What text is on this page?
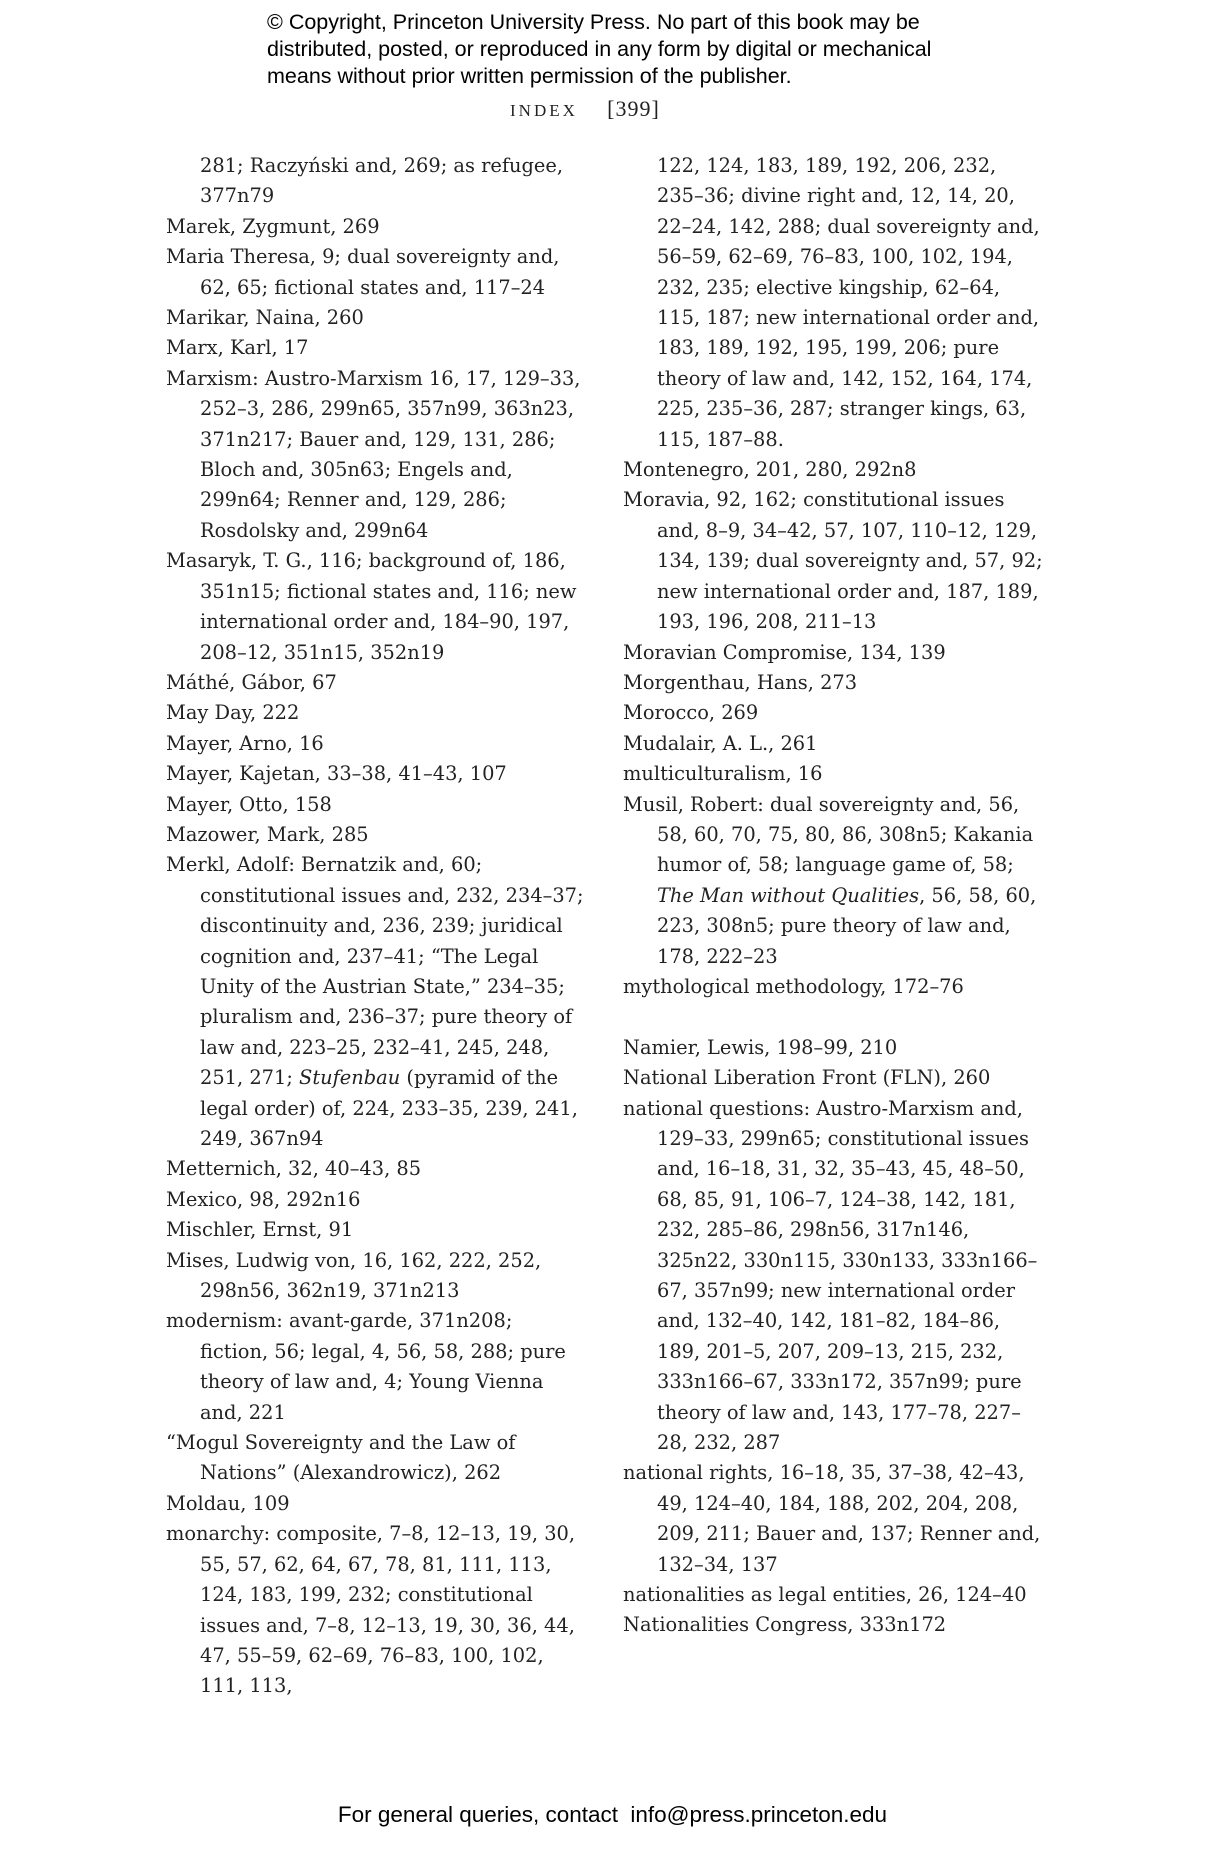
© Copyright, Princeton University Press. No part of this book may be
distributed, posted, or reproduced in any form by digital or mechanical
means without prior written permission of the publisher.
INDEX [399]
281; Raczyński and, 269; as refugee, 377n79
Marek, Zygmunt, 269
Maria Theresa, 9; dual sovereignty and, 62, 65; fictional states and, 117–24
Marikar, Naina, 260
Marx, Karl, 17
Marxism: Austro-Marxism 16, 17, 129–33, 252–3, 286, 299n65, 357n99, 363n23, 371n217; Bauer and, 129, 131, 286; Bloch and, 305n63; Engels and, 299n64; Renner and, 129, 286; Rosdolsky and, 299n64
Masaryk, T. G., 116; background of, 186, 351n15; fictional states and, 116; new international order and, 184–90, 197, 208–12, 351n15, 352n19
Máthé, Gábor, 67
May Day, 222
Mayer, Arno, 16
Mayer, Kajetan, 33–38, 41–43, 107
Mayer, Otto, 158
Mazower, Mark, 285
Merkl, Adolf: Bernatzik and, 60; constitutional issues and, 232, 234–37; discontinuity and, 236, 239; juridical cognition and, 237–41; “The Legal Unity of the Austrian State,” 234–35; pluralism and, 236–37; pure theory of law and, 223–25, 232–41, 245, 248, 251, 271; Stufenbau (pyramid of the legal order) of, 224, 233–35, 239, 241, 249, 367n94
Metternich, 32, 40–43, 85
Mexico, 98, 292n16
Mischler, Ernst, 91
Mises, Ludwig von, 16, 162, 222, 252, 298n56, 362n19, 371n213
modernism: avant-garde, 371n208; fiction, 56; legal, 4, 56, 58, 288; pure theory of law and, 4; Young Vienna and, 221
“Mogul Sovereignty and the Law of Nations” (Alexandrowicz), 262
Moldau, 109
monarchy: composite, 7–8, 12–13, 19, 30, 55, 57, 62, 64, 67, 78, 81, 111, 113, 124, 183, 199, 232; constitutional issues and, 7–8, 12–13, 19, 30, 36, 44, 47, 55–59, 62–69, 76–83, 100, 102, 111, 113,
122, 124, 183, 189, 192, 206, 232, 235–36; divine right and, 12, 14, 20, 22–24, 142, 288; dual sovereignty and, 56–59, 62–69, 76–83, 100, 102, 194, 232, 235; elective kingship, 62–64, 115, 187; new international order and, 183, 189, 192, 195, 199, 206; pure theory of law and, 142, 152, 164, 174, 225, 235–36, 287; stranger kings, 63, 115, 187–88.
Montenegro, 201, 280, 292n8
Moravia, 92, 162; constitutional issues and, 8–9, 34–42, 57, 107, 110–12, 129, 134, 139; dual sovereignty and, 57, 92; new international order and, 187, 189, 193, 196, 208, 211–13
Moravian Compromise, 134, 139
Morgenthau, Hans, 273
Morocco, 269
Mudalair, A. L., 261
multiculturalism, 16
Musil, Robert: dual sovereignty and, 56, 58, 60, 70, 75, 80, 86, 308n5; Kakania humor of, 58; language game of, 58; The Man without Qualities, 56, 58, 60, 223, 308n5; pure theory of law and, 178, 222–23
mythological methodology, 172–76
Namier, Lewis, 198–99, 210
National Liberation Front (FLN), 260
national questions: Austro-Marxism and, 129–33, 299n65; constitutional issues and, 16–18, 31, 32, 35–43, 45, 48–50, 68, 85, 91, 106–7, 124–38, 142, 181, 232, 285–86, 298n56, 317n146, 325n22, 330n115, 330n133, 333n166–67, 357n99; new international order and, 132–40, 142, 181–82, 184–86, 189, 201–5, 207, 209–13, 215, 232, 333n166–67, 333n172, 357n99; pure theory of law and, 143, 177–78, 227–28, 232, 287
national rights, 16–18, 35, 37–38, 42–43, 49, 124–40, 184, 188, 202, 204, 208, 209, 211; Bauer and, 137; Renner and, 132–34, 137
nationalities as legal entities, 26, 124–40
Nationalities Congress, 333n172
For general queries, contact info@press.princeton.edu
